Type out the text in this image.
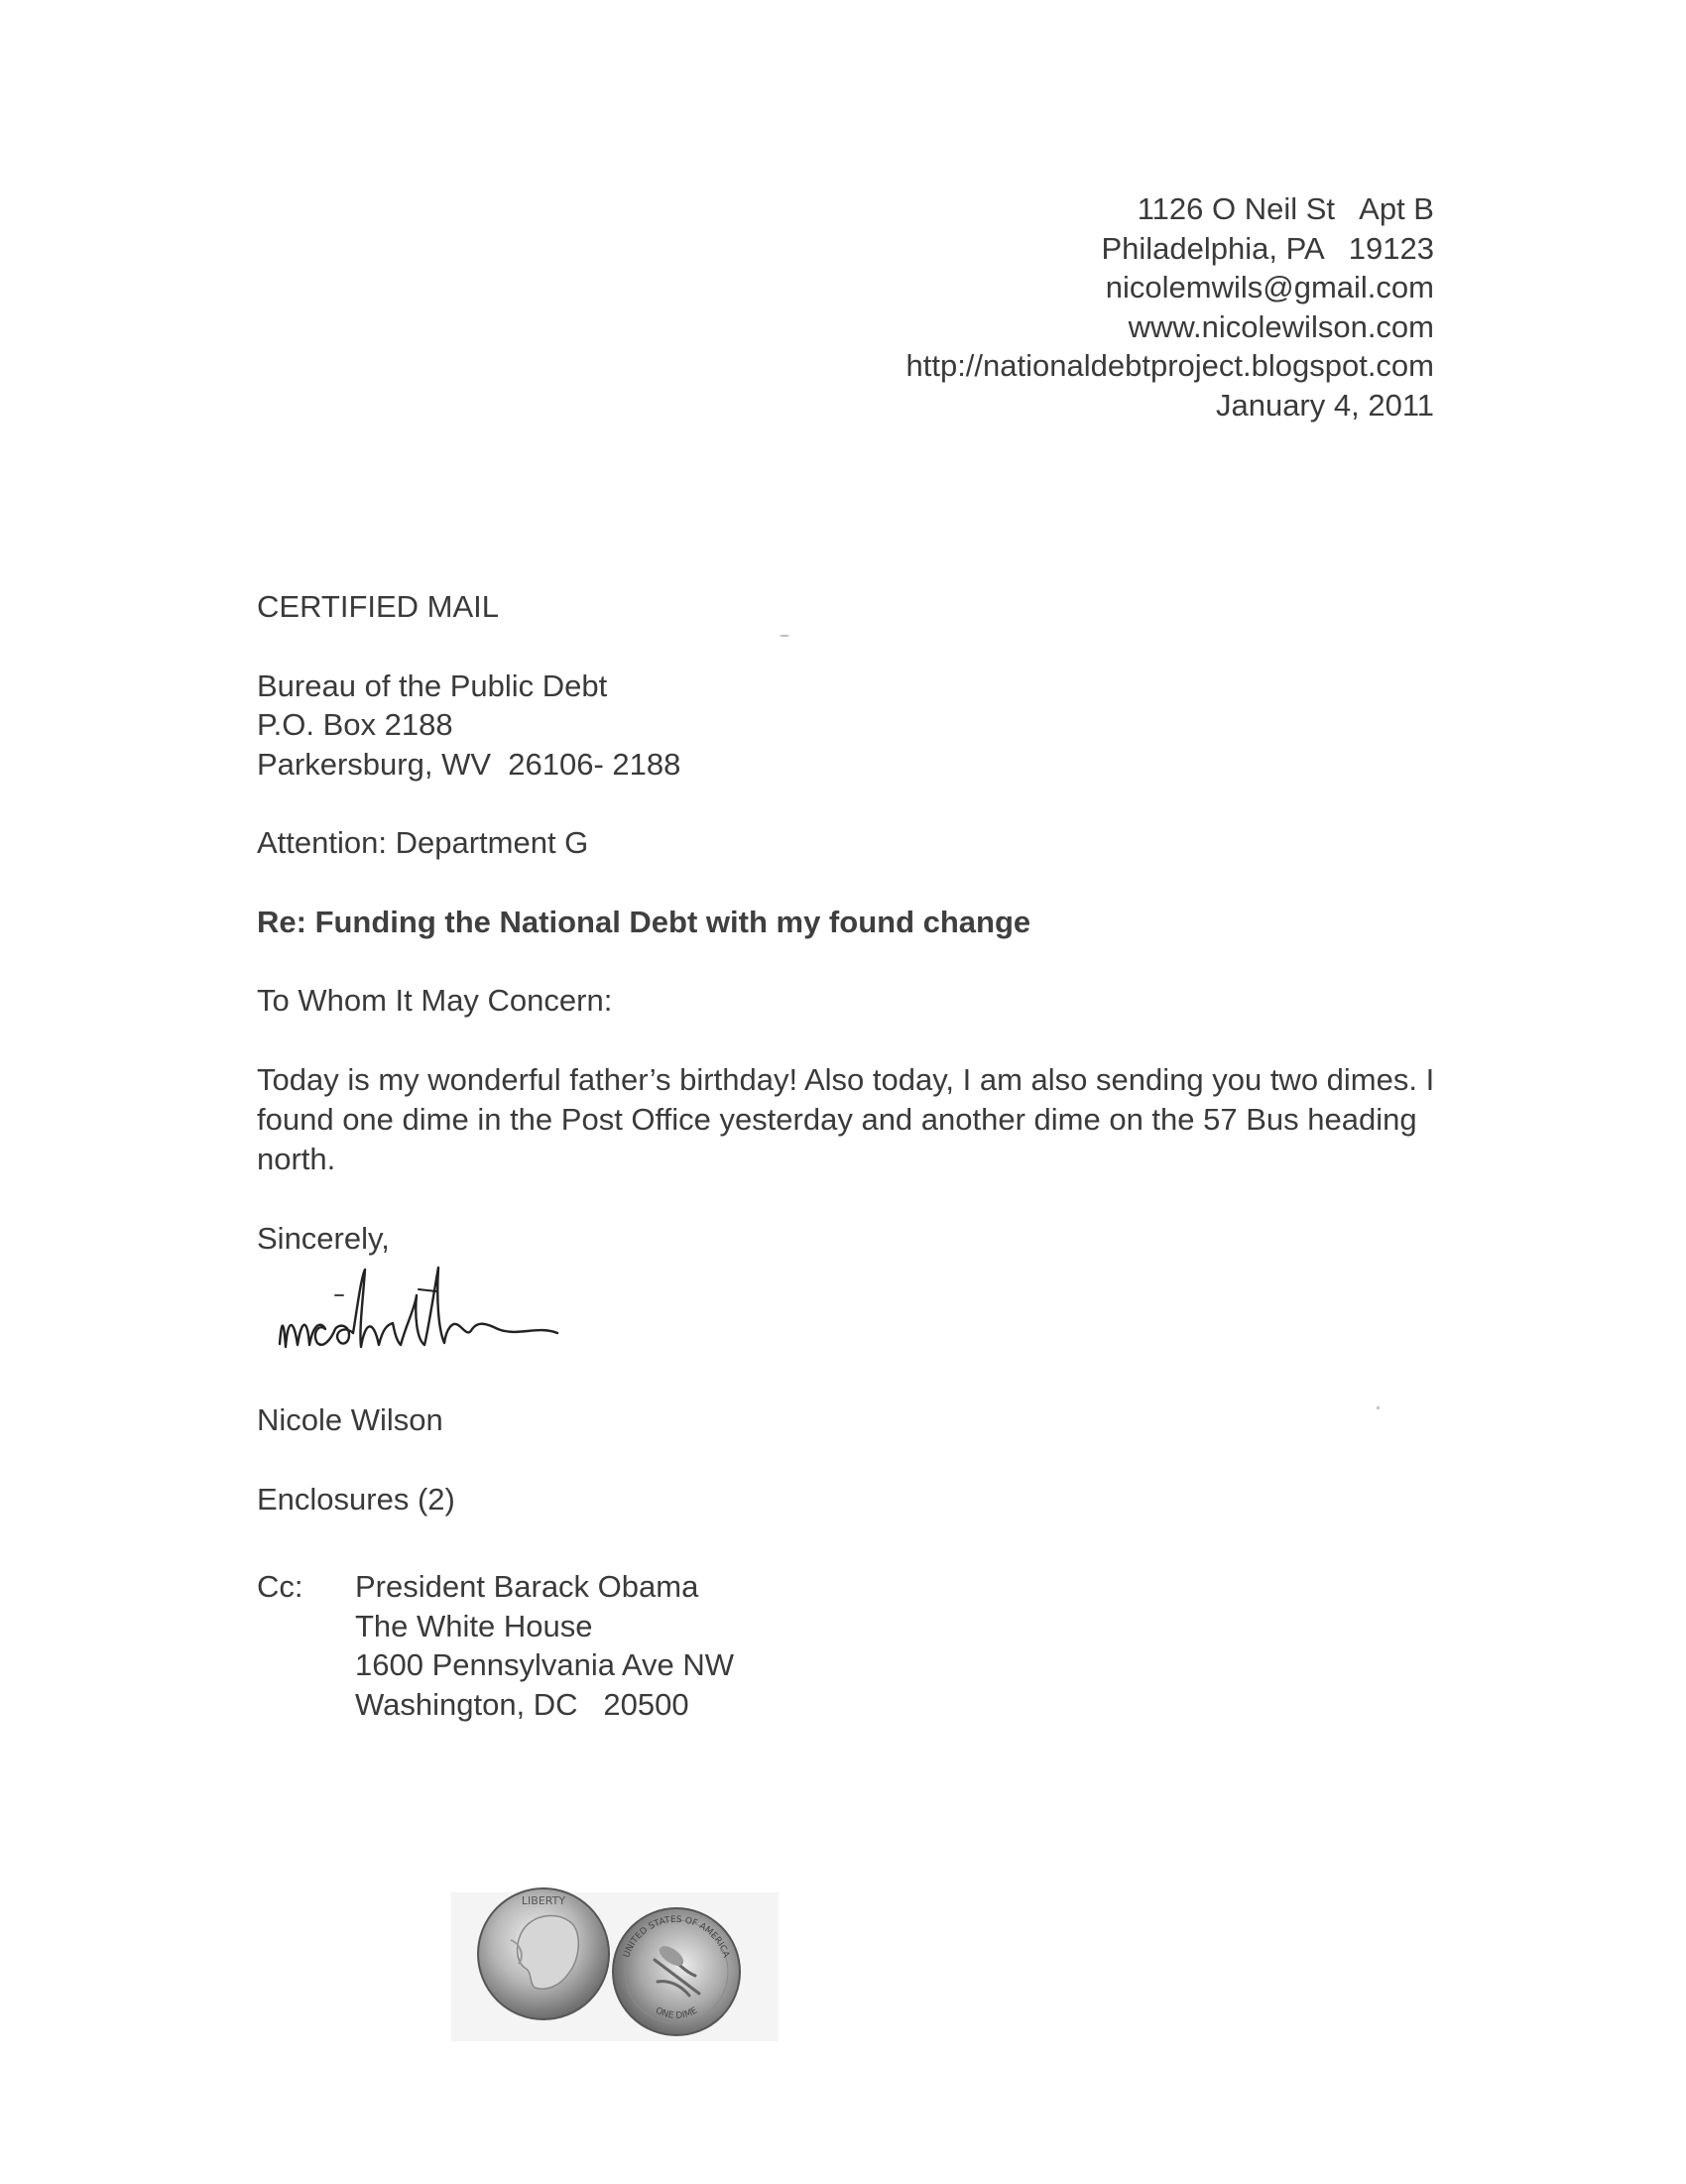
1126 O Neil St   Apt B
Philadelphia, PA   19123
nicolemwils@gmail.com
www.nicolewilson.com
http://nationaldebtproject.blogspot.com
January 4, 2011
CERTIFIED MAIL
Bureau of the Public Debt
P.O. Box 2188
Parkersburg, WV  26106- 2188
Attention: Department G
Re: Funding the National Debt with my found change
To Whom It May Concern:

Today is my wonderful father’s birthday! Also today, I am also sending you two dimes. I found one dime in the Post Office yesterday and another dime on the 57 Bus heading north.

Sincerely,
Nicole Wilson
Enclosures (2)
Cc: President Barack Obama
The White House
1600 Pennsylvania Ave NW
Washington, DC   20500
LIBERTY
UNITED STATES OF AMERICA
ONE DIME
